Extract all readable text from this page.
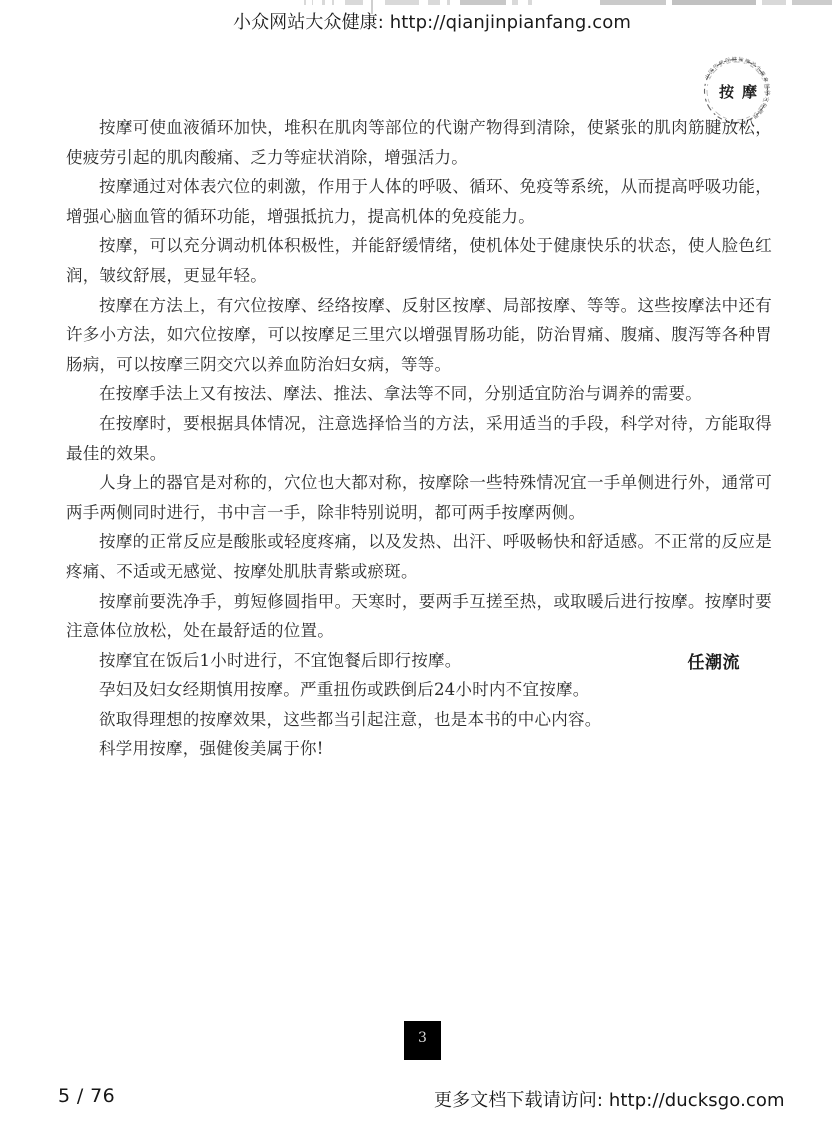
小众网站大众健康: http://qianjinpianfang.com
中国传统保健按摩养生推拿经络穴位调理
按 摩

按摩可使血液循环加快，堆积在肌肉等部位的代谢产物得到清除，使紧张的肌肉筋腱放松，使疲劳引起的肌肉酸痛、乏力等症状消除，增强活力。

按摩通过对体表穴位的刺激，作用于人体的呼吸、循环、免疫等系统，从而提高呼吸功能，增强心脑血管的循环功能，增强抵抗力，提高机体的免疫能力。

按摩，可以充分调动机体积极性，并能舒缓情绪，使机体处于健康快乐的状态，使人脸色红润，皱纹舒展，更显年轻。

按摩在方法上，有穴位按摩、经络按摩、反射区按摩、局部按摩、等等。这些按摩法中还有许多小方法，如穴位按摩，可以按摩足三里穴以增强胃肠功能，防治胃痛、腹痛、腹泻等各种胃肠病，可以按摩三阴交穴以养血防治妇女病，等等。

在按摩手法上又有按法、摩法、推法、拿法等不同，分别适宜防治与调养的需要。

在按摩时，要根据具体情况，注意选择恰当的方法，采用适当的手段，科学对待，方能取得最佳的效果。

人身上的器官是对称的，穴位也大都对称，按摩除一些特殊情况宜一手单侧进行外，通常可两手两侧同时进行，书中言一手，除非特别说明，都可两手按摩两侧。

按摩的正常反应是酸胀或轻度疼痛，以及发热、出汗、呼吸畅快和舒适感。不正常的反应是疼痛、不适或无感觉、按摩处肌肤青紫或瘀斑。

按摩前要洗净手，剪短修圆指甲。天寒时，要两手互搓至热，或取暖后进行按摩。按摩时要注意体位放松，处在最舒适的位置。

按摩宜在饭后1小时进行，不宜饱餐后即行按摩。

孕妇及妇女经期慎用按摩。严重扭伤或跌倒后24小时内不宜按摩。

欲取得理想的按摩效果，这些都当引起注意，也是本书的中心内容。

科学用按摩，强健俊美属于你!

任潮流
3
5 / 76	更多文档下载请访问: http://ducksgo.com
